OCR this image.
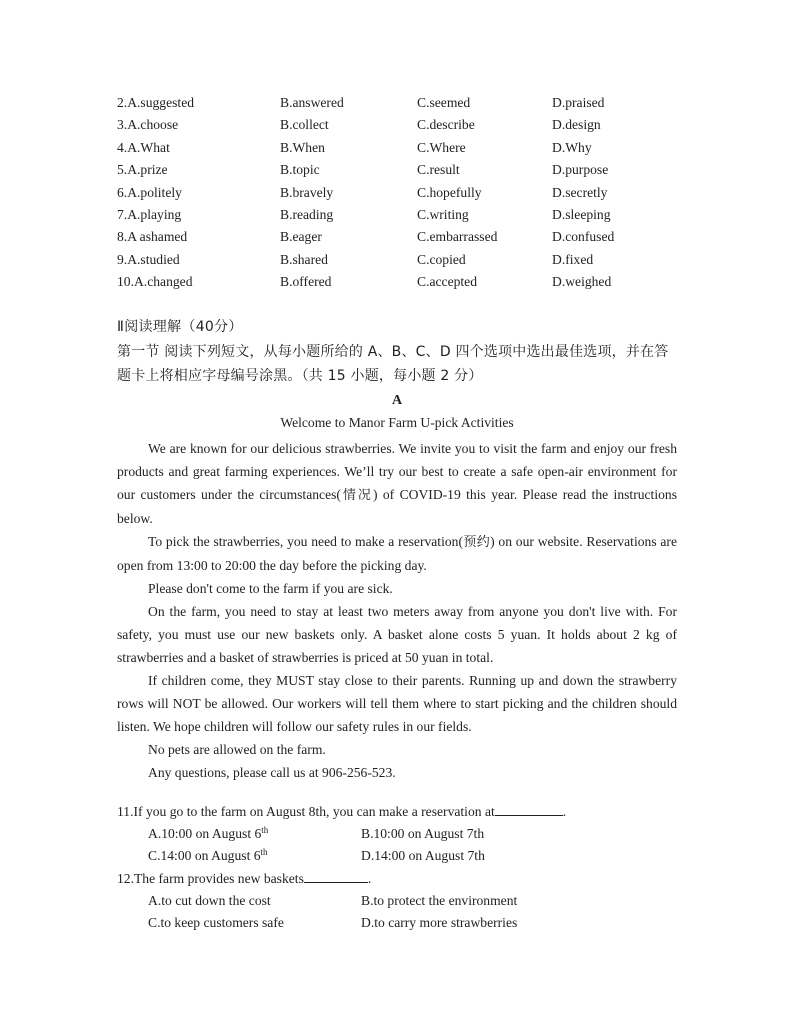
2.A.suggested	B.answered	C.seemed	D.praised
3.A.choose	B.collect	C.describe	D.design
4.A.What	B.When	C.Where	D.Why
5.A.prize	B.topic	C.result	D.purpose
6.A.politely	B.bravely	C.hopefully	D.secretly
7.A.playing	B.reading	C.writing	D.sleeping
8.A ashamed	B.eager	C.embarrassed	D.confused
9.A.studied	B.shared	C.copied	D.fixed
10.A.changed	B.offered	C.accepted	D.weighed
Ⅱ阅读理解（40分）
第一节 阅读下列短文，从每小题所给的 A、B、C、D 四个选项中选出最佳选项，并在答题卡上将相应字母编号涂黑。（共 15 小题，每小题 2 分）
A
Welcome to Manor Farm U-pick Activities

We are known for our delicious strawberries. We invite you to visit the farm and enjoy our fresh products and great farming experiences. We’ll try our best to create a safe open-air environment for our customers under the circumstances(情况) of COVID-19 this year. Please read the instructions below.

To pick the strawberries, you need to make a reservation(预约) on our website. Reservations are open from 13:00 to 20:00 the day before the picking day.

Please don't come to the farm if you are sick.

On the farm, you need to stay at least two meters away from anyone you don't live with. For safety, you must use our new baskets only. A basket alone costs 5 yuan. It holds about 2 kg of strawberries and a basket of strawberries is priced at 50 yuan in total.

If children come, they MUST stay close to their parents. Running up and down the strawberry rows will NOT be allowed. Our workers will tell them where to start picking and the children should listen. We hope children will follow our safety rules in our fields.

No pets are allowed on the farm.

Any questions, please call us at 906-256-523.

11.If you go to the farm on August 8th, you can make a reservation at	.
A.10:00 on August 6th	B.10:00 on August 7th
C.14:00 on August 6th	D.14:00 on August 7th
12.The farm provides new baskets	.
A.to cut down the cost	B.to protect the environment
C.to keep customers safe	D.to carry more strawberries
